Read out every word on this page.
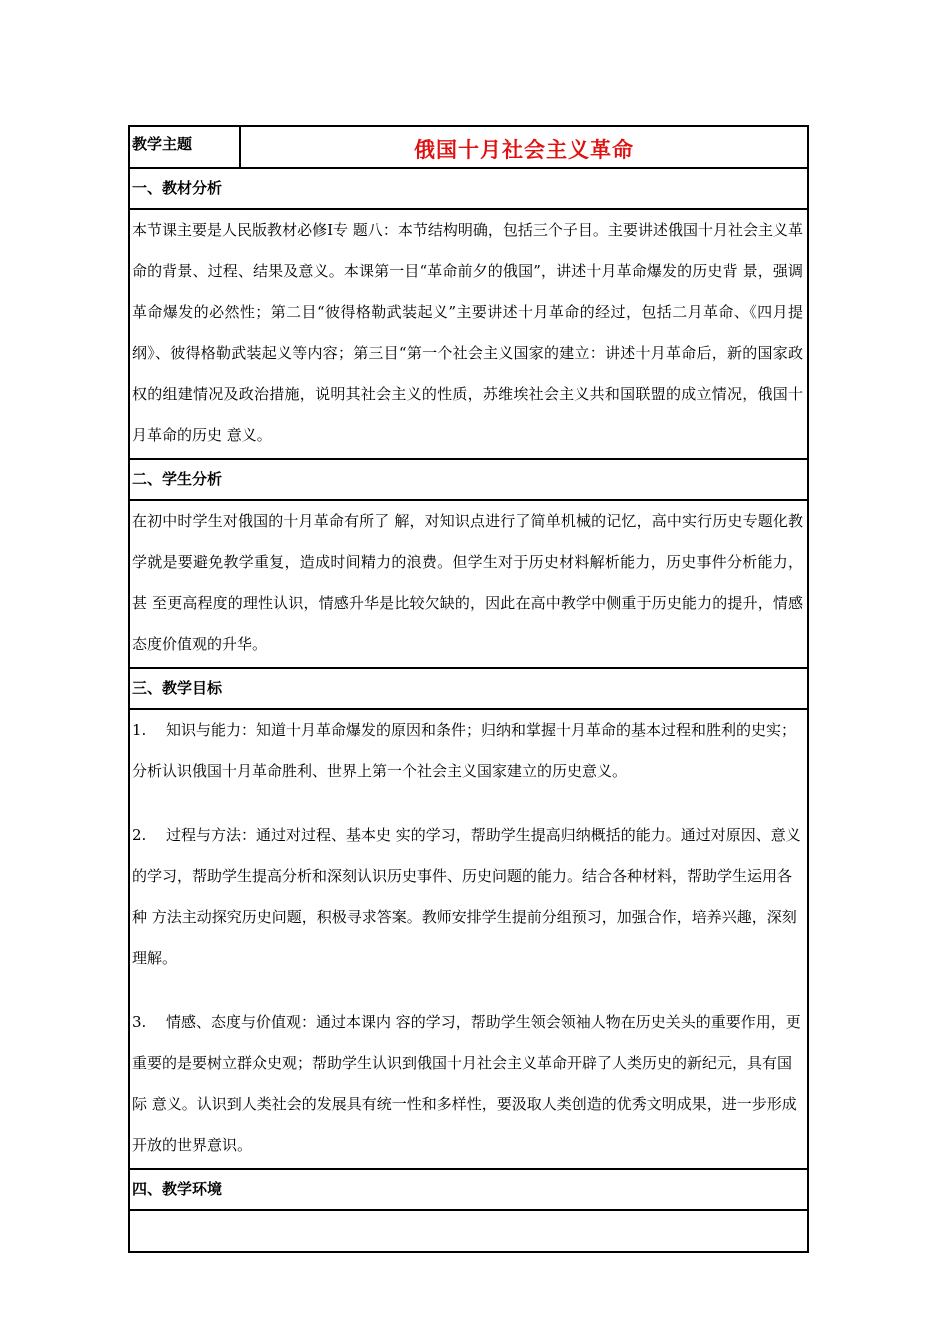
教学主题	俄国十月社会主义革命
一、教材分析
本节课主要是人民版教材必修Ⅰ专 题八：本节结构明确，包括三个子目。主要讲述俄国十月社会主义革命的背景、过程、结果及意义。本课第一目“革命前夕的俄国”，讲述十月革命爆发的历史背 景，强调革命爆发的必然性；第二目“彼得格勒武装起义”主要讲述十月革命的经过，包括二月革命、《四月提纲》、彼得格勒武装起义等内容；第三目“第一个社会主义国家的建立：讲述十月革命后，新的国家政权的组建情况及政治措施，说明其社会主义的性质，苏维埃社会主义共和国联盟的成立情况，俄国十月革命的历史 意义。
二、学生分析
在初中时学生对俄国的十月革命有所了 解，对知识点进行了简单机械的记忆，高中实行历史专题化教学就是要避免教学重复，造成时间精力的浪费。但学生对于历史材料解析能力，历史事件分析能力，甚 至更高程度的理性认识，情感升华是比较欠缺的，因此在高中教学中侧重于历史能力的提升，情感态度价值观的升华。
三、教学目标
1. 知识与能力：知道十月革命爆发的原因和条件；归纳和掌握十月革命的基本过程和胜利的史实；分析认识俄国十月革命胜利、世界上第一个社会主义国家建立的历史意义。
2. 过程与方法：通过对过程、基本史 实的学习，帮助学生提高归纳概括的能力。通过对原因、意义的学习，帮助学生提高分析和深刻认识历史事件、历史问题的能力。结合各种材料，帮助学生运用各种 方法主动探究历史问题，积极寻求答案。教师安排学生提前分组预习，加强合作，培养兴趣，深刻理解。
3. 情感、态度与价值观：通过本课内 容的学习，帮助学生领会领袖人物在历史关头的重要作用，更重要的是要树立群众史观；帮助学生认识到俄国十月社会主义革命开辟了人类历史的新纪元，具有国际 意义。认识到人类社会的发展具有统一性和多样性，要汲取人类创造的优秀文明成果，进一步形成开放的世界意识。
四、教学环境
